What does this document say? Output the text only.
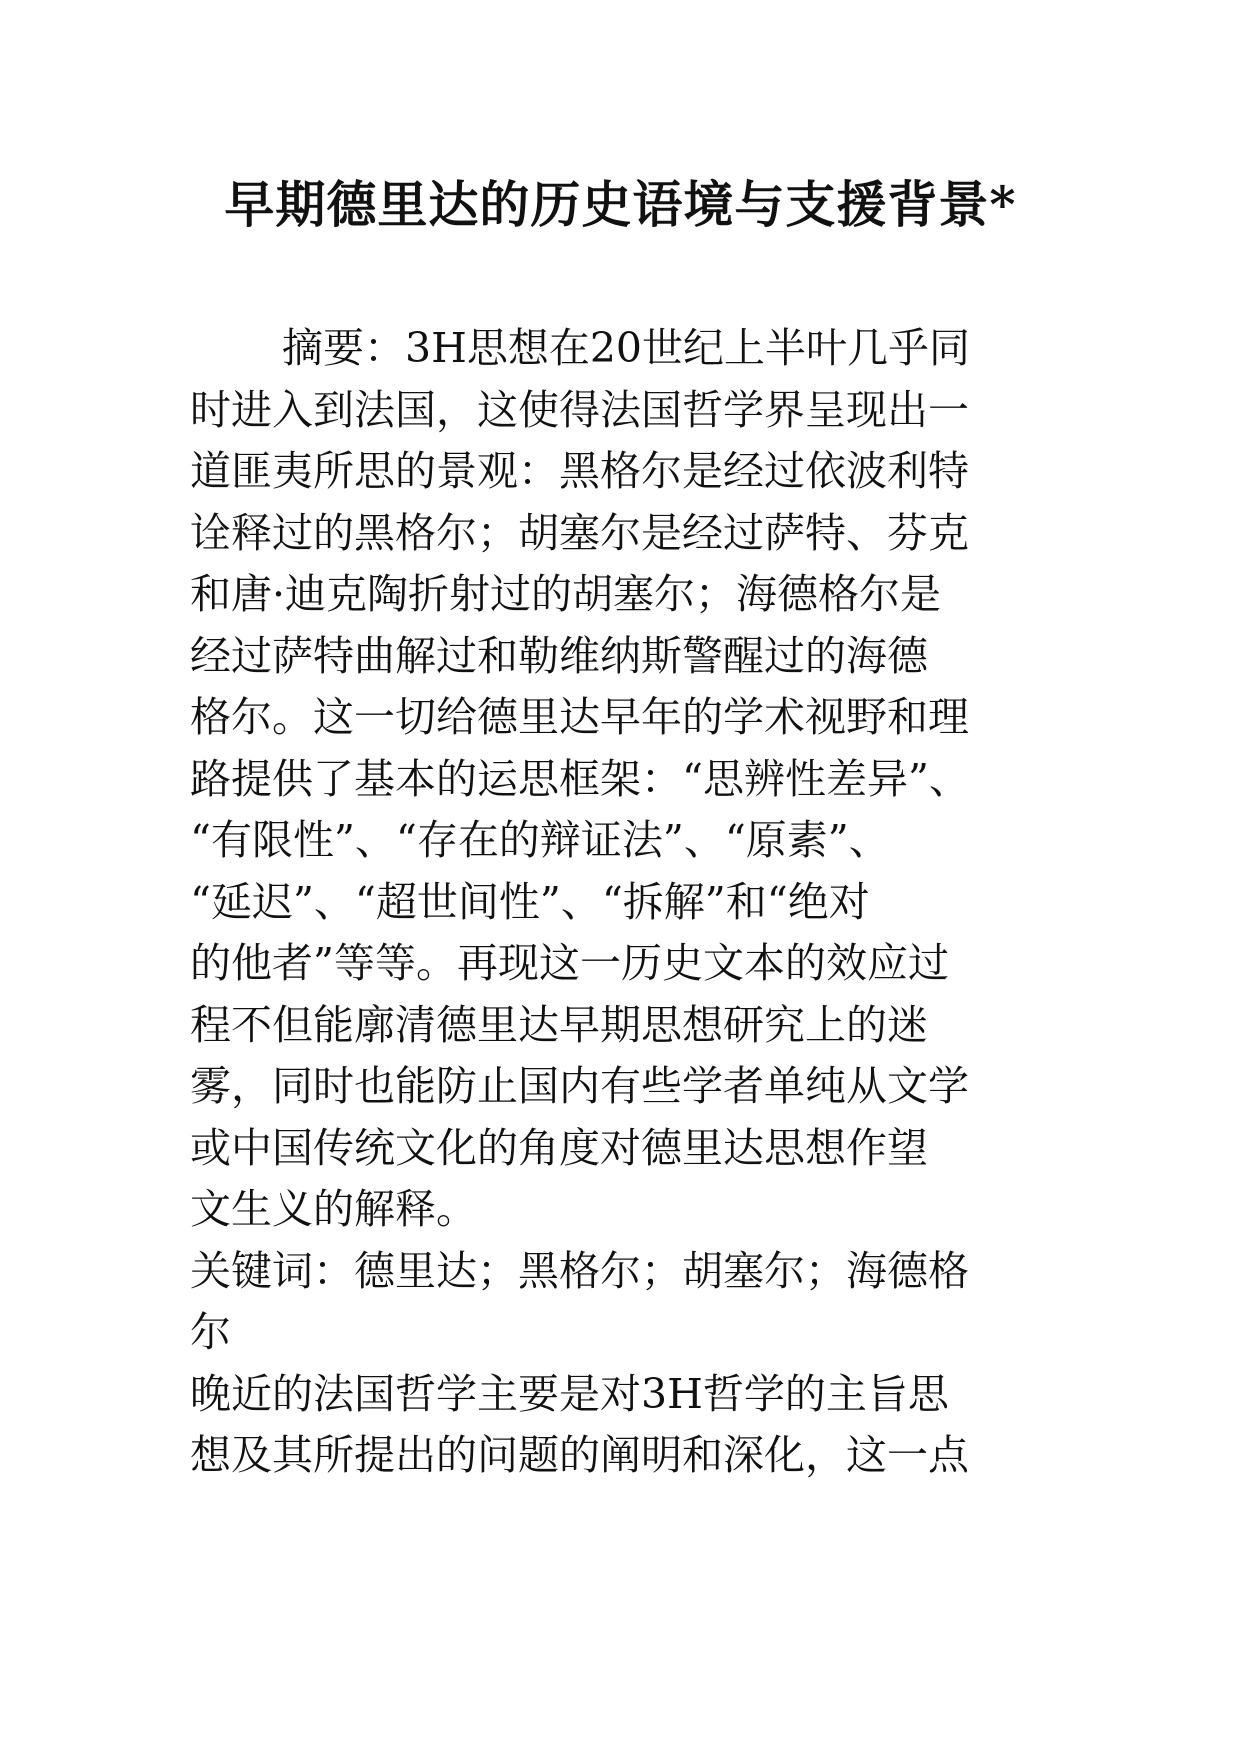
早期德里达的历史语境与支援背景*
摘要：3H思想在20世纪上半叶几乎同
时进入到法国，这使得法国哲学界呈现出一
道匪夷所思的景观：黑格尔是经过依波利特
诠释过的黑格尔；胡塞尔是经过萨特、芬克
和唐·迪克陶折射过的胡塞尔；海德格尔是
经过萨特曲解过和勒维纳斯警醒过的海德
格尔。这一切给德里达早年的学术视野和理
路提供了基本的运思框架：“思辨性差异”、
“有限性”、“存在的辩证法”、“原素”、
“延迟”、“超世间性”、“拆解”和“绝对
的他者”等等。再现这一历史文本的效应过
程不但能廓清德里达早期思想研究上的迷
雾，同时也能防止国内有些学者单纯从文学
或中国传统文化的角度对德里达思想作望
文生义的解释。
关键词：德里达；黑格尔；胡塞尔；海德格
尔
晚近的法国哲学主要是对3H哲学的主旨思
想及其所提出的问题的阐明和深化，这一点
